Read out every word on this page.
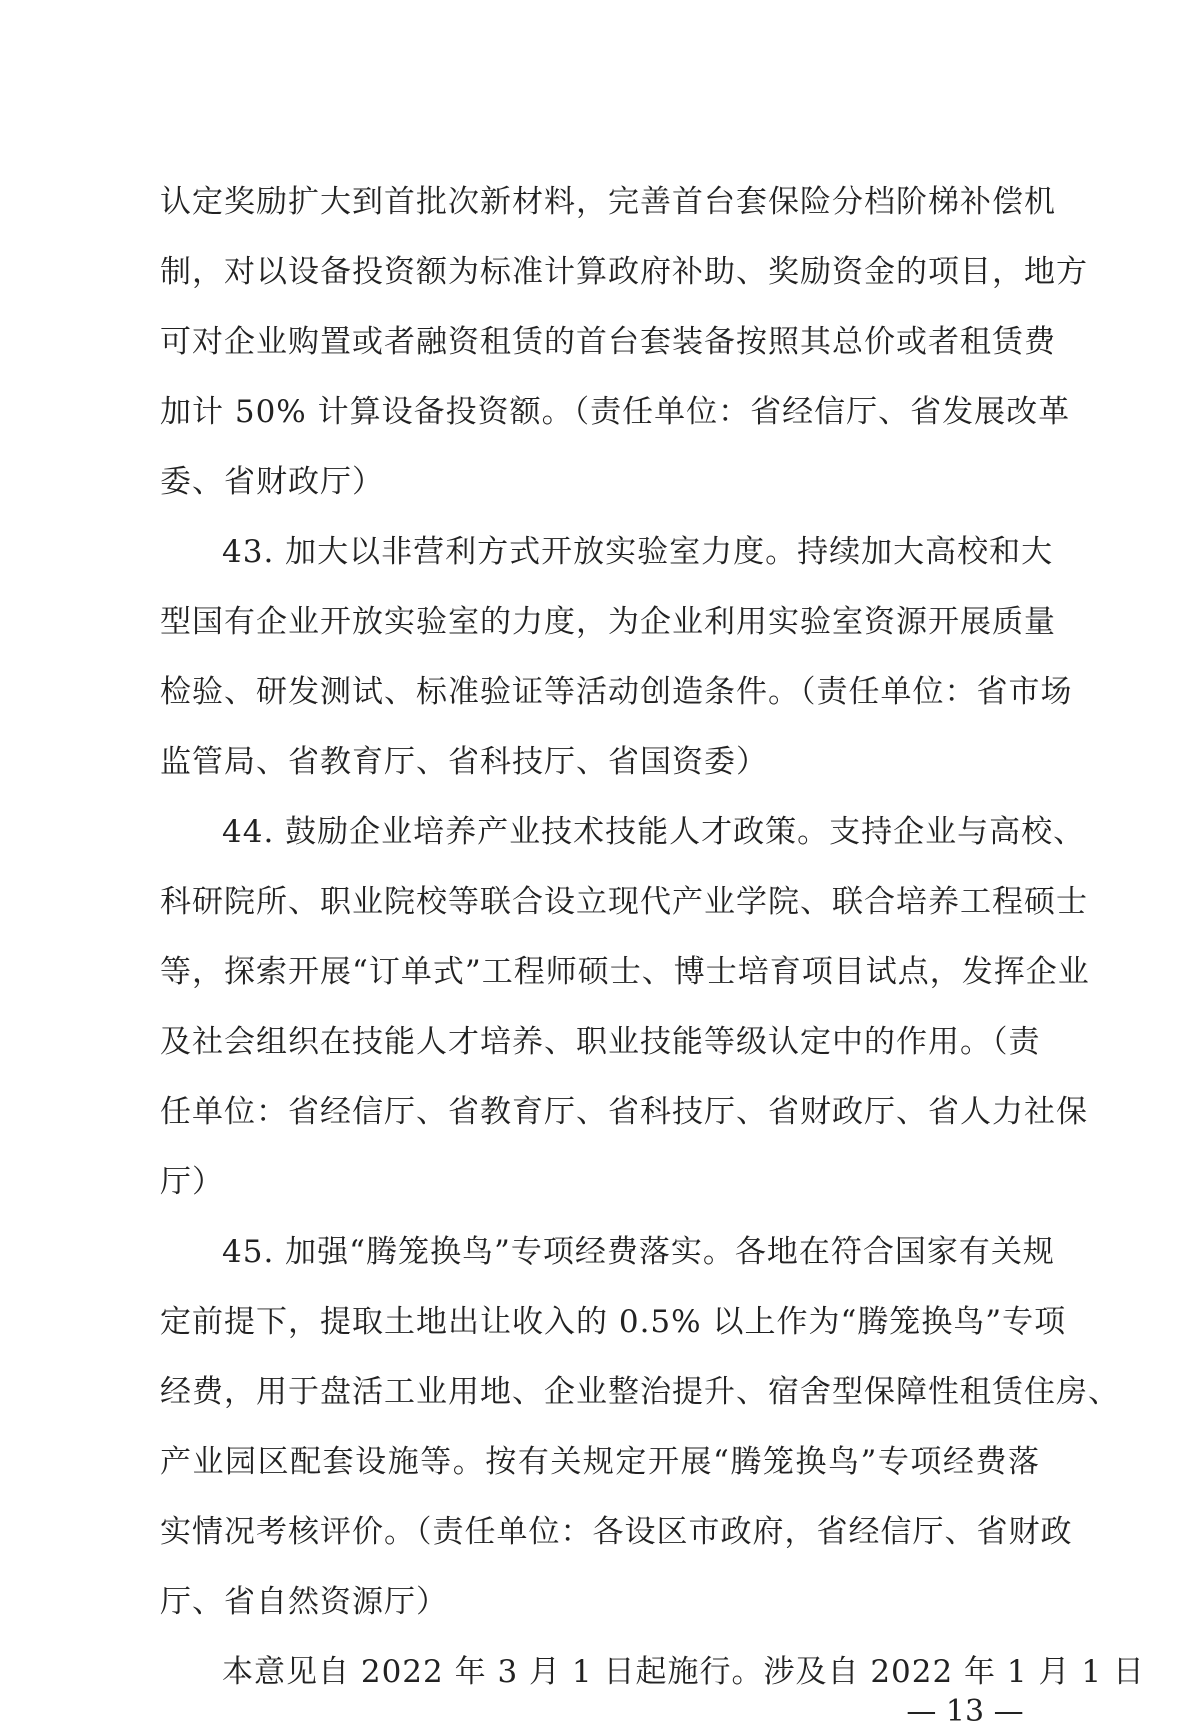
认定奖励扩大到首批次新材料，完善首台套保险分档阶梯补偿机
制，对以设备投资额为标准计算政府补助、奖励资金的项目，地方
可对企业购置或者融资租赁的首台套装备按照其总价或者租赁费
加计 50% 计算设备投资额。（责任单位：省经信厅、省发展改革
委、省财政厅）
43. 加大以非营利方式开放实验室力度。持续加大高校和大
型国有企业开放实验室的力度，为企业利用实验室资源开展质量
检验、研发测试、标准验证等活动创造条件。（责任单位：省市场
监管局、省教育厅、省科技厅、省国资委）
44. 鼓励企业培养产业技术技能人才政策。支持企业与高校、
科研院所、职业院校等联合设立现代产业学院、联合培养工程硕士
等，探索开展“订单式”工程师硕士、博士培育项目试点，发挥企业
及社会组织在技能人才培养、职业技能等级认定中的作用。（责
任单位：省经信厅、省教育厅、省科技厅、省财政厅、省人力社保
厅）
45. 加强“腾笼换鸟”专项经费落实。各地在符合国家有关规
定前提下，提取土地出让收入的 0.5% 以上作为“腾笼换鸟”专项
经费，用于盘活工业用地、企业整治提升、宿舍型保障性租赁住房、
产业园区配套设施等。按有关规定开展“腾笼换鸟”专项经费落
实情况考核评价。（责任单位：各设区市政府，省经信厅、省财政
厅、省自然资源厅）
本意见自 2022 年 3 月 1 日起施行。涉及自 2022 年 1 月 1 日
— 13 —
